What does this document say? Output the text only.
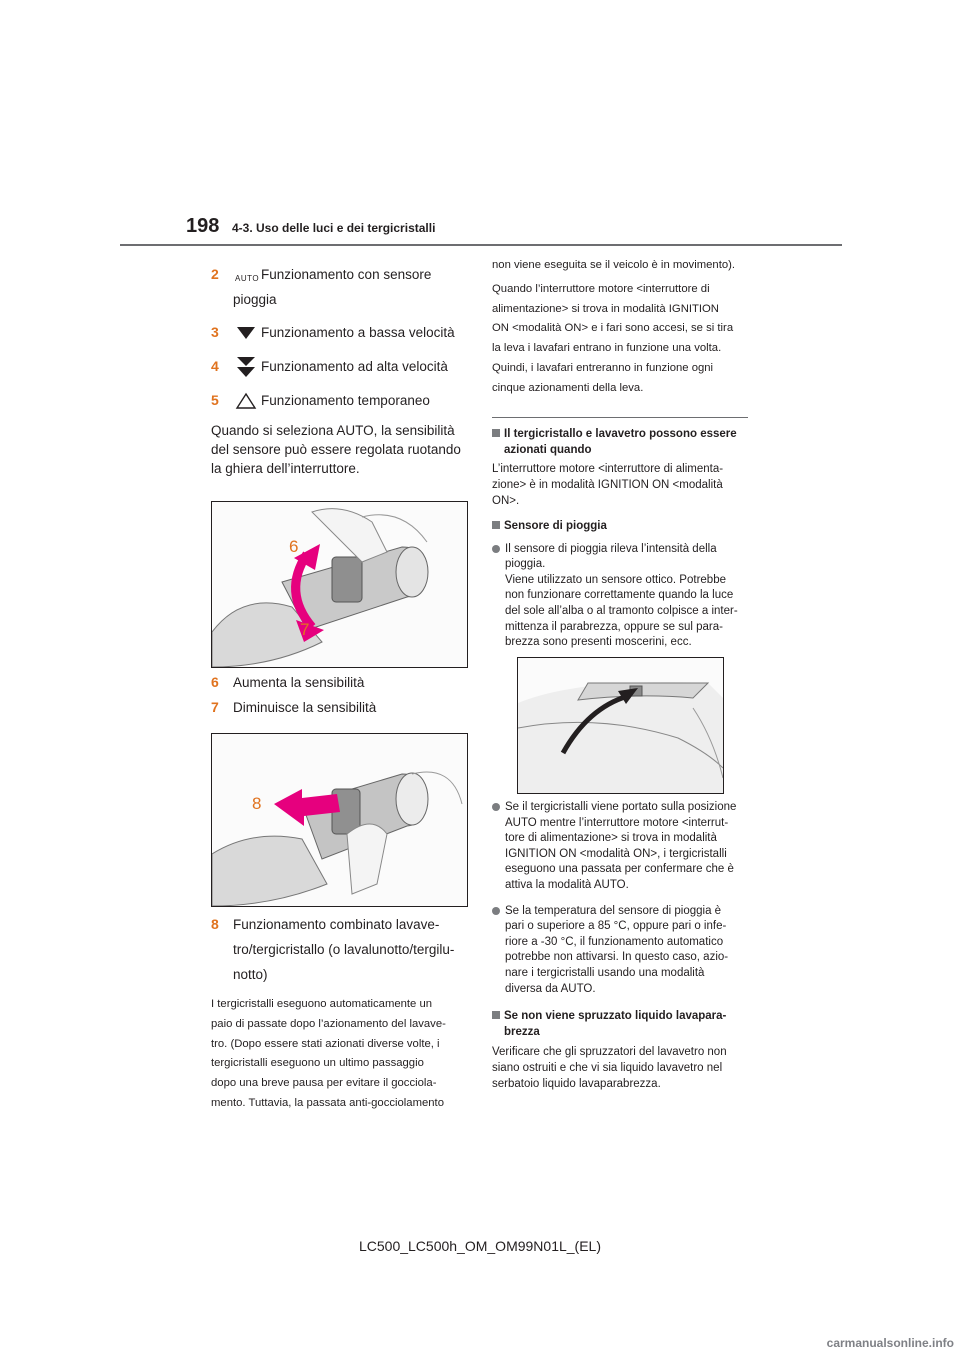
198 4-3. Uso delle luci e dei tergicristalli
2 AUTO Funzionamento con sensore
pioggia
3	Funzionamento a bassa velocità
4	Funzionamento ad alta velocità
5	Funzionamento temporaneo
Quando si seleziona AUTO, la sensibilità
del sensore può essere regolata ruotando
la ghiera dell’interruttore.
6
7
6 Aumenta la sensibilità
7 Diminuisce la sensibilità
8
8 Funzionamento combinato lavave-
tro/tergicristallo (o lavalunotto/tergilu-
notto)
I tergicristalli eseguono automaticamente un
paio di passate dopo l’azionamento del lavave-
tro. (Dopo essere stati azionati diverse volte, i
tergicristalli eseguono un ultimo passaggio
dopo una breve pausa per evitare il gocciola-
mento. Tuttavia, la passata anti-gocciolamento
non viene eseguita se il veicolo è in movimento).
Quando l’interruttore motore <interruttore di
alimentazione> si trova in modalità IGNITION
ON <modalità ON> e i fari sono accesi, se si tira
la leva i lavafari entrano in funzione una volta.
Quindi, i lavafari entreranno in funzione ogni
cinque azionamenti della leva.
Il tergicristallo e lavavetro possono essere
azionati quando
L’interruttore motore <interruttore di alimenta-
zione> è in modalità IGNITION ON <modalità
ON>.
Sensore di pioggia
Il sensore di pioggia rileva l’intensità della
pioggia.
Viene utilizzato un sensore ottico. Potrebbe
non funzionare correttamente quando la luce
del sole all’alba o al tramonto colpisce a inter-
mittenza il parabrezza, oppure se sul para-
brezza sono presenti moscerini, ecc.
Se il tergicristalli viene portato sulla posizione
AUTO mentre l’interruttore motore <interrut-
tore di alimentazione> si trova in modalità
IGNITION ON <modalità ON>, i tergicristalli
eseguono una passata per confermare che è
attiva la modalità AUTO.
Se la temperatura del sensore di pioggia è
pari o superiore a 85 °C, oppure pari o infe-
riore a -30 °C, il funzionamento automatico
potrebbe non attivarsi. In questo caso, azio-
nare i tergicristalli usando una modalità
diversa da AUTO.
Se non viene spruzzato liquido lavapara-
brezza
Verificare che gli spruzzatori del lavavetro non
siano ostruiti e che vi sia liquido lavavetro nel
serbatoio liquido lavaparabrezza.
LC500_LC500h_OM_OM99N01L_(EL)
carmanualsonline.info
